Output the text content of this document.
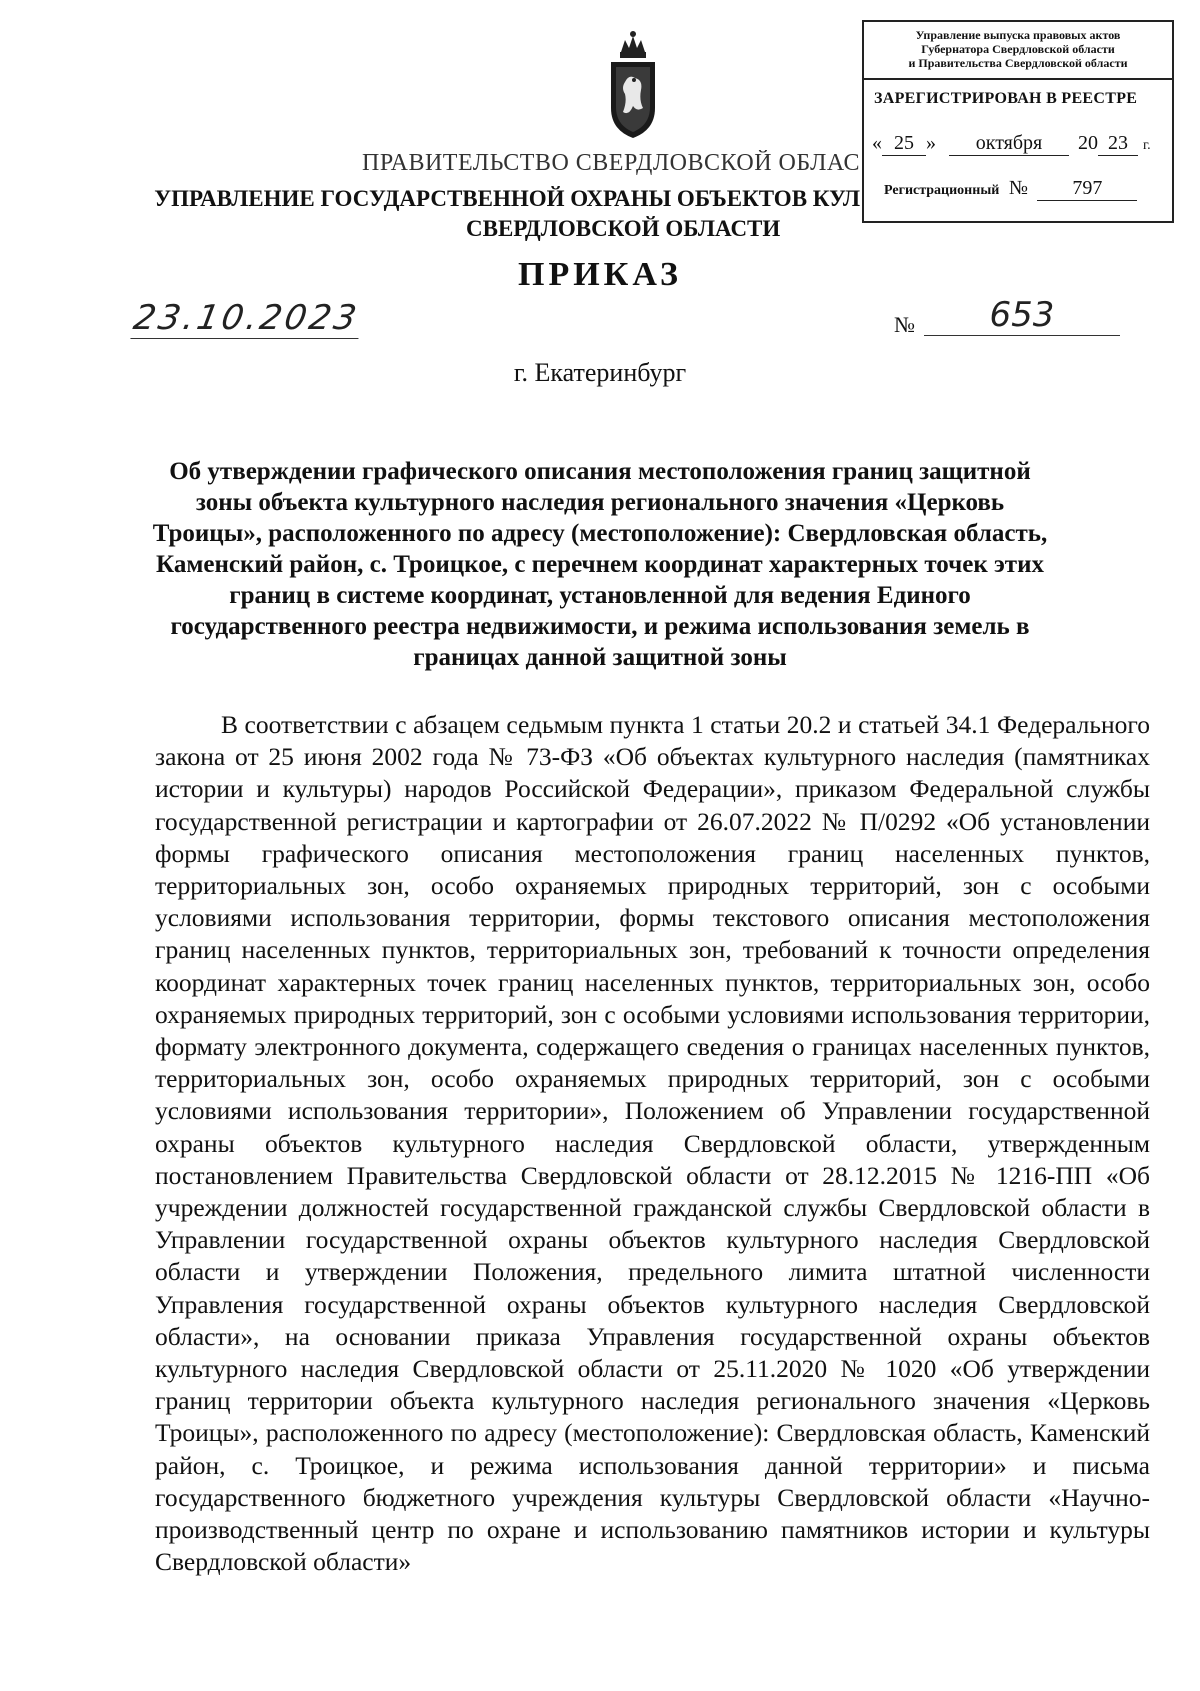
ПРАВИТЕЛЬСТВО СВЕРДЛОВСКОЙ ОБЛАС
УПРАВЛЕНИЕ ГОСУДАРСТВЕННОЙ ОХРАНЫ ОБЪЕКТОВ КУЛ
СВЕРДЛОВСКОЙ ОБЛАСТИ
Управление выпуска правовых актов
Губернатора Свердловской области
и Правительства Свердловской области
ЗАРЕГИСТРИРОВАН В РЕЕСТРЕ
« 25 » октября 20 23 г.
Регистрационный № 797
ПРИКАЗ
23.10.2023	№	653
г. Екатеринбург
Об утверждении графического описания местоположения границ защитной зоны объекта культурного наследия регионального значения «Церковь Троицы», расположенного по адресу (местоположение): Свердловская область, Каменский район, с. Троицкое, с перечнем координат характерных точек этих границ в системе координат, установленной для ведения Единого государственного реестра недвижимости, и режима использования земель в границах данной защитной зоны
В соответствии с абзацем седьмым пункта 1 статьи 20.2 и статьей 34.1 Федерального закона от 25 июня 2002 года № 73-ФЗ «Об объектах культурного наследия (памятниках истории и культуры) народов Российской Федерации», приказом Федеральной службы государственной регистрации и картографии от 26.07.2022 № П/0292 «Об установлении формы графического описания местоположения границ населенных пунктов, территориальных зон, особо охраняемых природных территорий, зон с особыми условиями использования территории, формы текстового описания местоположения границ населенных пунктов, территориальных зон, требований к точности определения координат характерных точек границ населенных пунктов, территориальных зон, особо охраняемых природных территорий, зон с особыми условиями использования территории, формату электронного документа, содержащего сведения о границах населенных пунктов, территориальных зон, особо охраняемых природных территорий, зон с особыми условиями использования территории», Положением об Управлении государственной охраны объектов культурного наследия Свердловской области, утвержденным постановлением Правительства Свердловской области от 28.12.2015 № 1216-ПП «Об учреждении должностей государственной гражданской службы Свердловской области в Управлении государственной охраны объектов культурного наследия Свердловской области и утверждении Положения, предельного лимита штатной численности Управления государственной охраны объектов культурного наследия Свердловской области», на основании приказа Управления государственной охраны объектов культурного наследия Свердловской области от 25.11.2020 № 1020 «Об утверждении границ территории объекта культурного наследия регионального значения «Церковь Троицы», расположенного по адресу (местоположение): Свердловская область, Каменский район, с. Троицкое, и режима использования данной территории» и письма государственного бюджетного учреждения культуры Свердловской области «Научно-производственный центр по охране и использованию памятников истории и культуры Свердловской области»
